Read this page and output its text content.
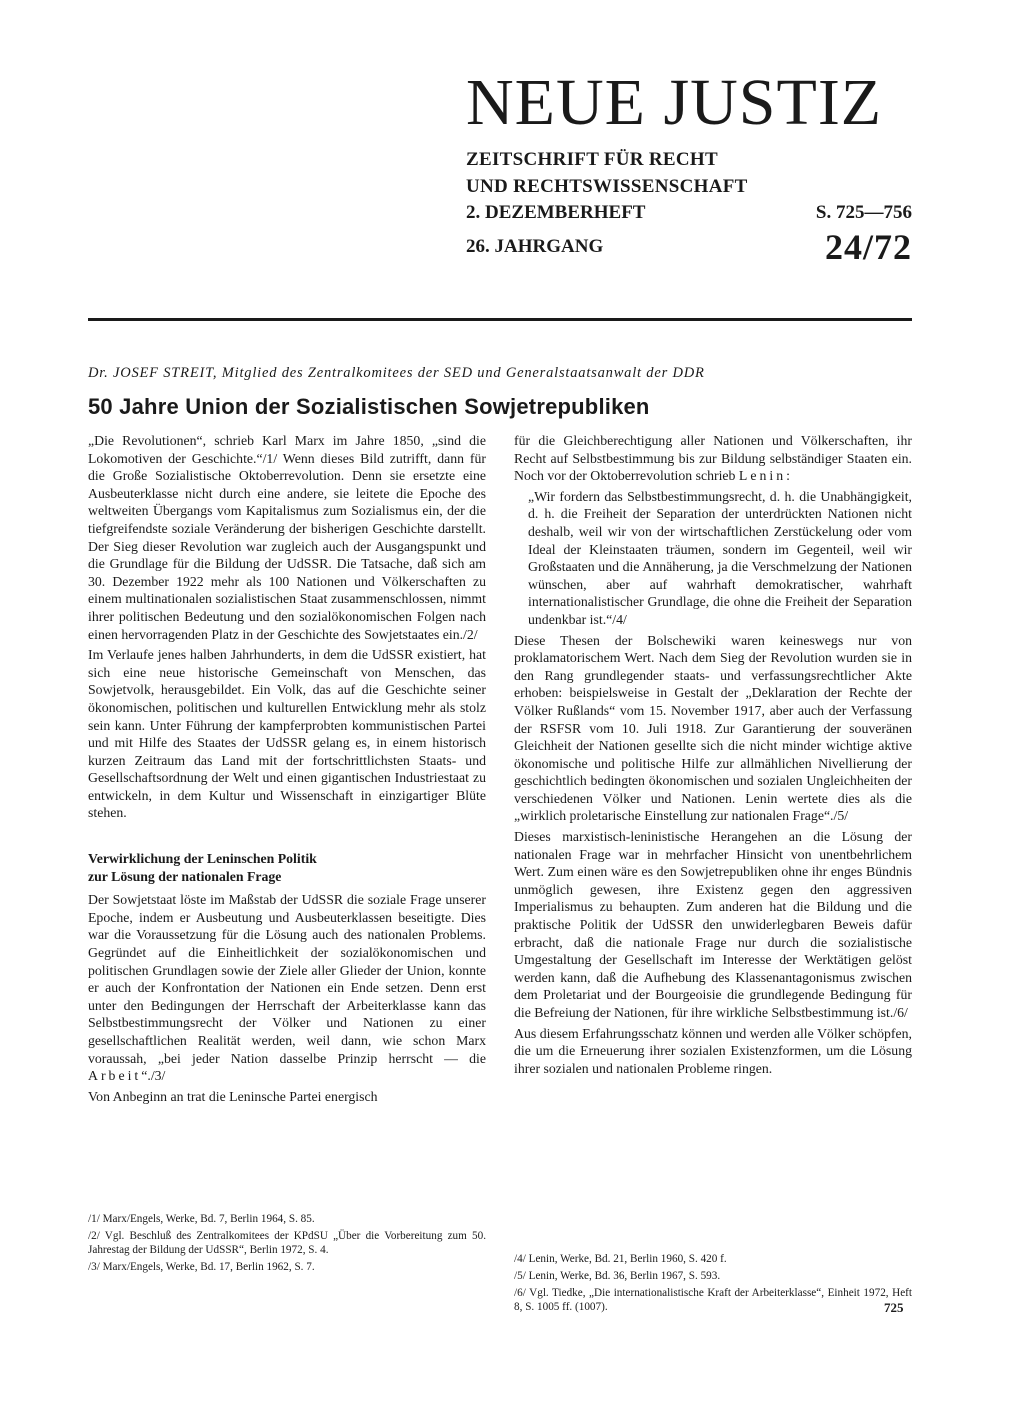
NEUE JUSTIZ
ZEITSCHRIFT FÜR RECHT
UND RECHTSWISSENSCHAFT
2. DEZEMBERHEFT	S. 725—756
26. JAHRGANG	24/72
Dr. JOSEF STREIT, Mitglied des Zentralkomitees der SED und Generalstaatsanwalt der DDR
50 Jahre Union der Sozialistischen Sowjetrepubliken

„Die Revolutionen“, schrieb Karl Marx im Jahre 1850, „sind die Lokomotiven der Geschichte.“/1/ Wenn dieses Bild zutrifft, dann für die Große Sozialistische Oktoberrevolution. Denn sie ersetzte eine Ausbeuterklasse nicht durch eine andere, sie leitete die Epoche des weltweiten Übergangs vom Kapitalismus zum Sozialismus ein, der die tiefgreifendste soziale Veränderung der bisherigen Geschichte darstellt. Der Sieg dieser Revolution war zugleich auch der Ausgangspunkt und die Grundlage für die Bildung der UdSSR. Die Tatsache, daß sich am 30. Dezember 1922 mehr als 100 Nationen und Völkerschaften zu einem multinationalen sozialistischen Staat zusammenschlossen, nimmt ihrer politischen Bedeutung und den sozialökonomischen Folgen nach einen hervorragenden Platz in der Geschichte des Sowjetstaates ein./2/

Im Verlaufe jenes halben Jahrhunderts, in dem die UdSSR existiert, hat sich eine neue historische Gemeinschaft von Menschen, das Sowjetvolk, herausgebildet. Ein Volk, das auf die Geschichte seiner ökonomischen, politischen und kulturellen Entwicklung mehr als stolz sein kann. Unter Führung der kampferprobten kommunistischen Partei und mit Hilfe des Staates der UdSSR gelang es, in einem historisch kurzen Zeitraum das Land mit der fortschrittlichsten Staats- und Gesellschaftsordnung der Welt und einen gigantischen Industriestaat zu entwickeln, in dem Kultur und Wissenschaft in einzigartiger Blüte stehen.

Verwirklichung der Leninschen Politik
zur Lösung der nationalen Frage

Der Sowjetstaat löste im Maßstab der UdSSR die soziale Frage unserer Epoche, indem er Ausbeutung und Ausbeuterklassen beseitigte. Dies war die Voraussetzung für die Lösung auch des nationalen Problems. Gegründet auf die Einheitlichkeit der sozialökonomischen und politischen Grundlagen sowie der Ziele aller Glieder der Union, konnte er auch der Konfrontation der Nationen ein Ende setzen. Denn erst unter den Bedingungen der Herrschaft der Arbeiterklasse kann das Selbstbestimmungsrecht der Völker und Nationen zu einer gesellschaftlichen Realität werden, weil dann, wie schon Marx voraussah, „bei jeder Nation dasselbe Prinzip herrscht — die Arbeit“./3/

Von Anbeginn an trat die Leninsche Partei energisch

für die Gleichberechtigung aller Nationen und Völkerschaften, ihr Recht auf Selbstbestimmung bis zur Bildung selbständiger Staaten ein. Noch vor der Oktoberrevolution schrieb Lenin:

„Wir fordern das Selbstbestimmungsrecht, d. h. die Unabhängigkeit, d. h. die Freiheit der Separation der unterdrückten Nationen nicht deshalb, weil wir von der wirtschaftlichen Zerstückelung oder vom Ideal der Kleinstaaten träumen, sondern im Gegenteil, weil wir Großstaaten und die Annäherung, ja die Verschmelzung der Nationen wünschen, aber auf wahrhaft demokratischer, wahrhaft internationalistischer Grundlage, die ohne die Freiheit der Separation undenkbar ist.“/4/

Diese Thesen der Bolschewiki waren keineswegs nur von proklamatorischem Wert. Nach dem Sieg der Revolution wurden sie in den Rang grundlegender staats- und verfassungsrechtlicher Akte erhoben: beispielsweise in Gestalt der „Deklaration der Rechte der Völker Rußlands“ vom 15. November 1917, aber auch der Verfassung der RSFSR vom 10. Juli 1918. Zur Garantierung der souveränen Gleichheit der Nationen gesellte sich die nicht minder wichtige aktive ökonomische und politische Hilfe zur allmählichen Nivellierung der geschichtlich bedingten ökonomischen und sozialen Ungleichheiten der verschiedenen Völker und Nationen. Lenin wertete dies als die „wirklich proletarische Einstellung zur nationalen Frage“./5/

Dieses marxistisch-leninistische Herangehen an die Lösung der nationalen Frage war in mehrfacher Hinsicht von unentbehrlichem Wert. Zum einen wäre es den Sowjetrepubliken ohne ihr enges Bündnis unmöglich gewesen, ihre Existenz gegen den aggressiven Imperialismus zu behaupten. Zum anderen hat die Bildung und die praktische Politik der UdSSR den unwiderlegbaren Beweis dafür erbracht, daß die nationale Frage nur durch die sozialistische Umgestaltung der Gesellschaft im Interesse der Werktätigen gelöst werden kann, daß die Aufhebung des Klassenantagonismus zwischen dem Proletariat und der Bourgeoisie die grundlegende Bedingung für die Befreiung der Nationen, für ihre wirkliche Selbstbestimmung ist./6/

Aus diesem Erfahrungsschatz können und werden alle Völker schöpfen, die um die Erneuerung ihrer sozialen Existenzformen, um die Lösung ihrer sozialen und nationalen Probleme ringen.

/1/ Marx/Engels, Werke, Bd. 7, Berlin 1964, S. 85.
/2/ Vgl. Beschluß des Zentralkomitees der KPdSU „Über die Vorbereitung zum 50. Jahrestag der Bildung der UdSSR“, Berlin 1972, S. 4.
/3/ Marx/Engels, Werke, Bd. 17, Berlin 1962, S. 7.
/4/ Lenin, Werke, Bd. 21, Berlin 1960, S. 420 f.
/5/ Lenin, Werke, Bd. 36, Berlin 1967, S. 593.
/6/ Vgl. Tiedke, „Die internationalistische Kraft der Arbeiterklasse“, Einheit 1972, Heft 8, S. 1005 ff. (1007).	725
